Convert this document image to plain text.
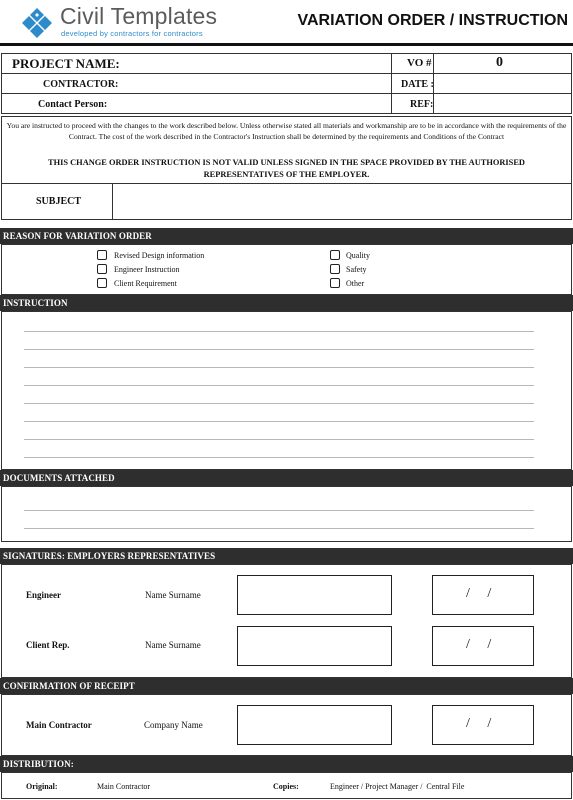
Civil Templates
developed by contractors for contractors
VARIATION ORDER / INSTRUCTION
PROJECT NAME:	VO #	0
CONTRACTOR:	DATE :
Contact Person:	REF:
You are instructed to proceed with the changes to the work described below. Unless otherwise stated all materials and workmanship are to be in accordance with the requirements of the Contract. The cost of the work described in the Contractor's Instruction shall be determined by the requirements and Conditions of the Contract
THIS CHANGE ORDER INSTRUCTION IS NOT VALID UNLESS SIGNED IN THE SPACE PROVIDED BY THE AUTHORISED REPRESENTATIVES OF THE EMPLOYER.
SUBJECT
REASON FOR VARIATION ORDER
Revised Design information
Engineer Instruction
Client Requirement
Quality
Safety
Other
INSTRUCTION
DOCUMENTS ATTACHED
SIGNATURES: EMPLOYERS REPRESENTATIVES
Engineer	Name Surname	/     /
Client Rep.	Name Surname	/     /
CONFIRMATION OF RECEIPT
Main Contractor	Company Name	/     /
DISTRIBUTION:
Original:	Main Contractor	Copies:	Engineer / Project Manager /  Central File
